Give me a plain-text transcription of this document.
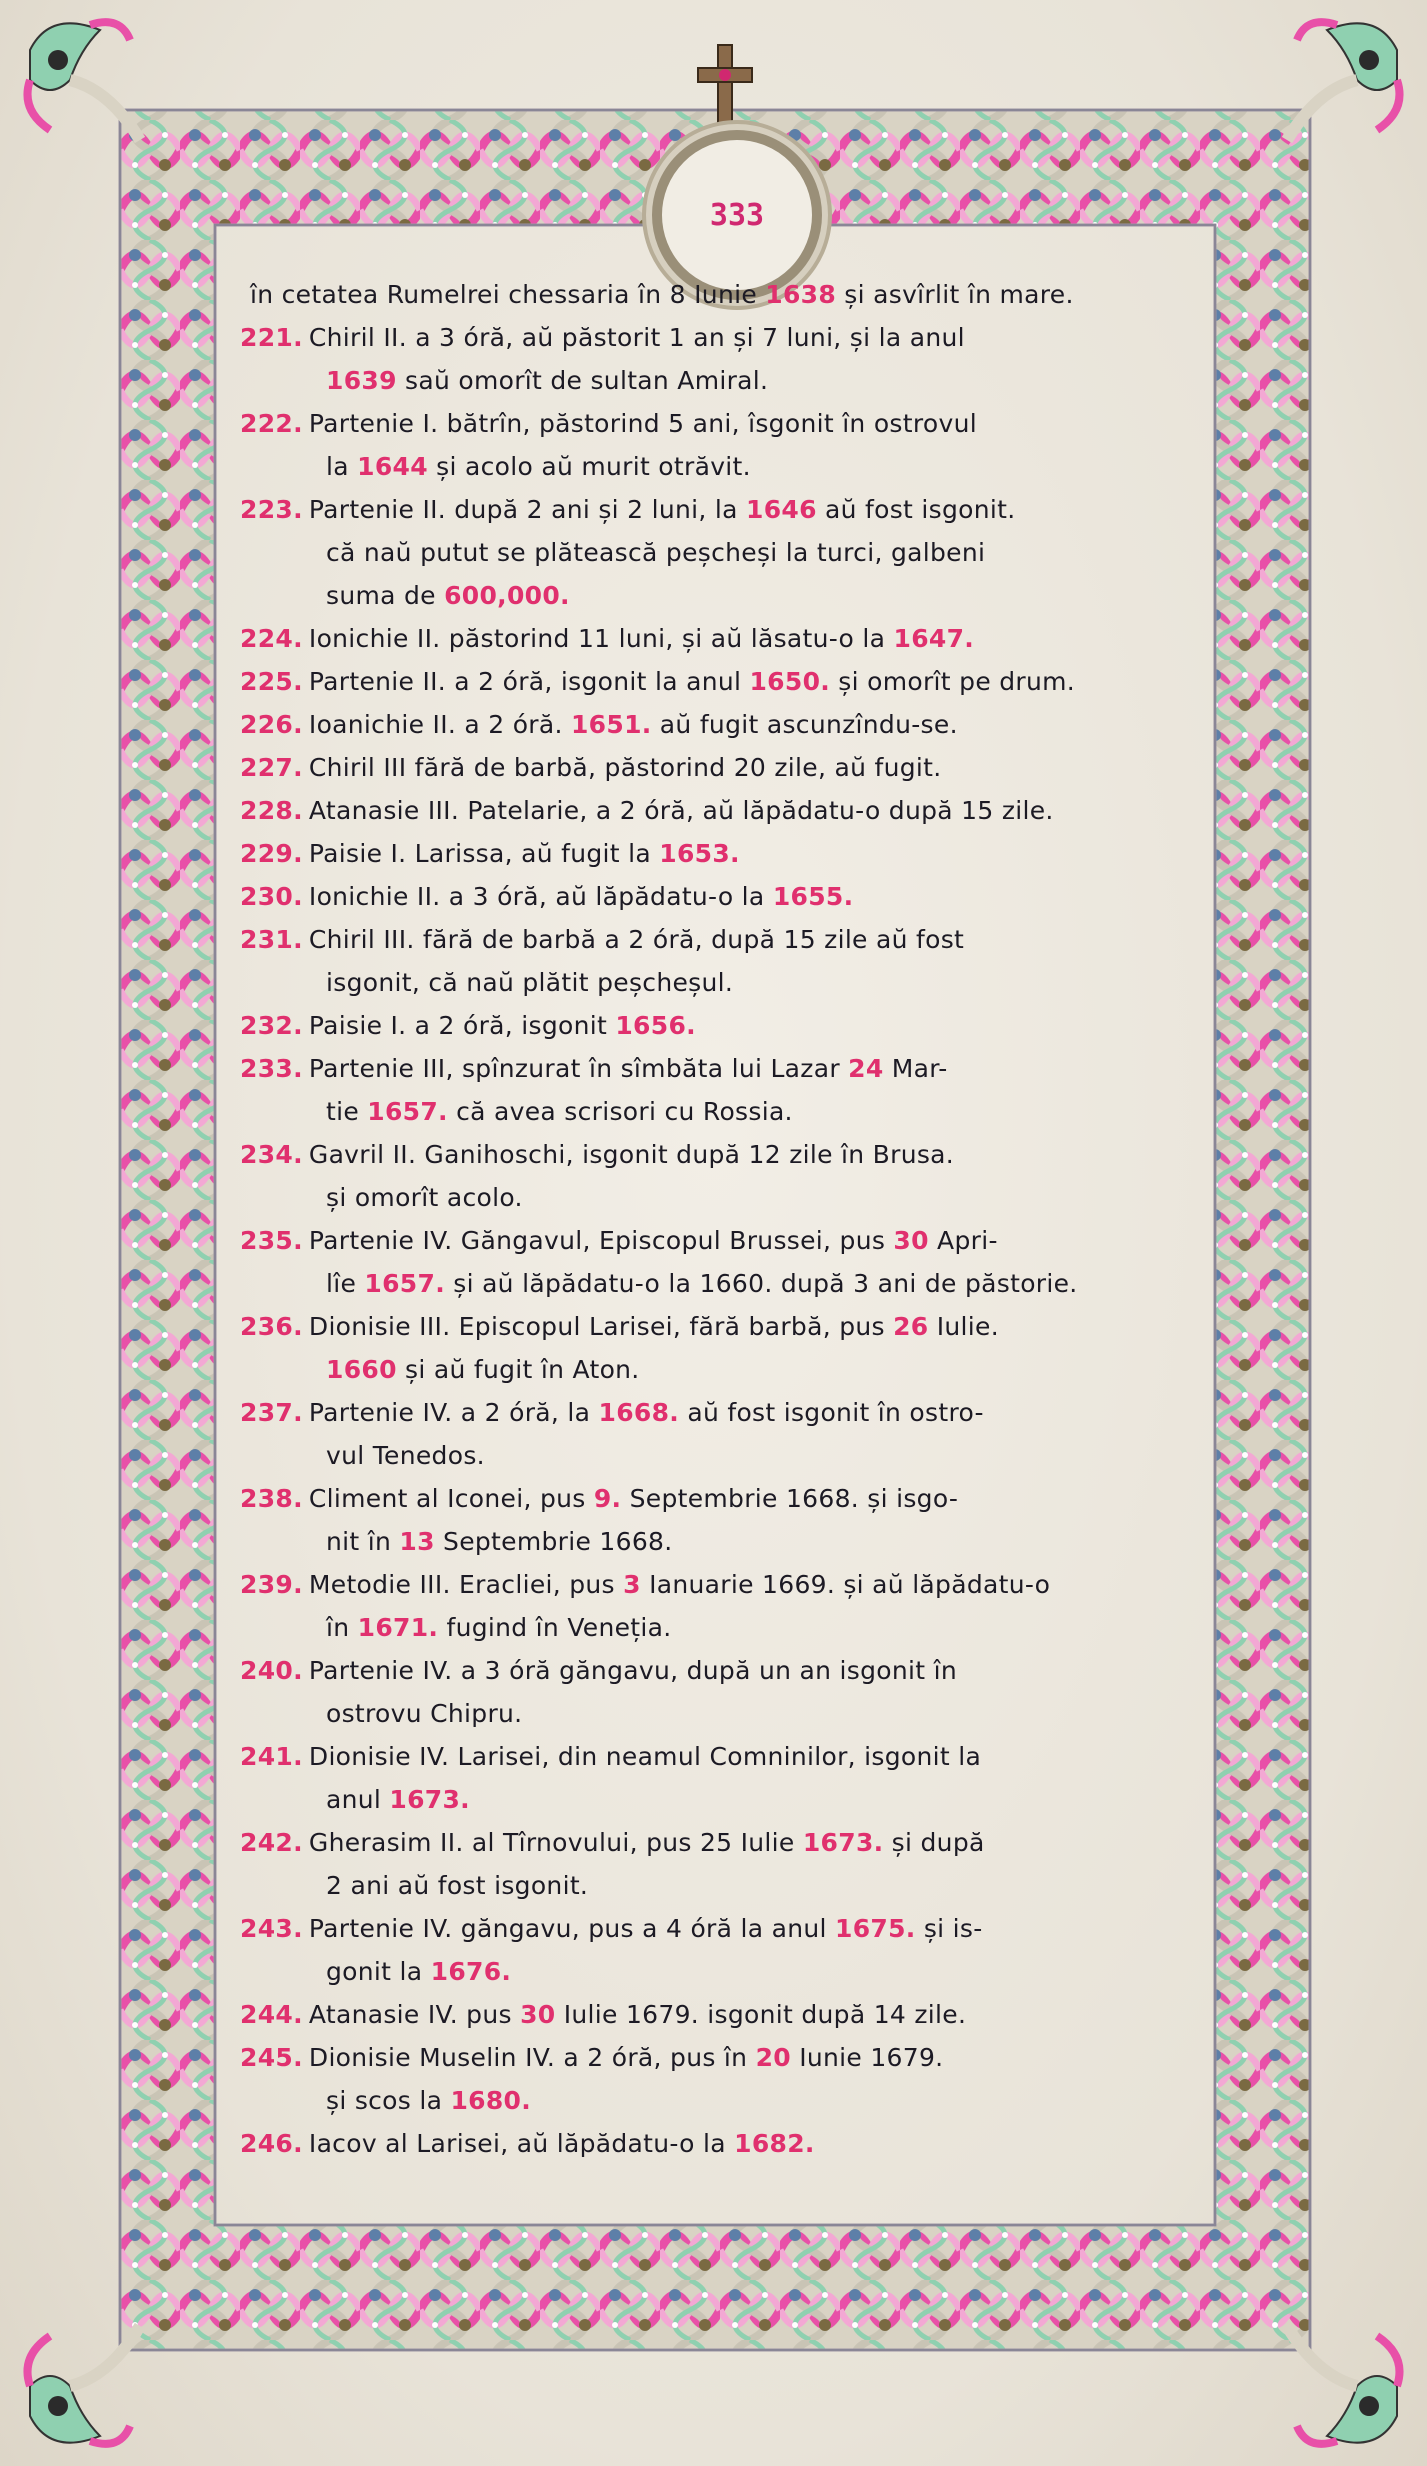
333
în cetatea Rumelrei chessaria în 8 Iunie 1638 și asvîrlit în mare.
221. Chiril II. a 3 óră, aŭ păstorit 1 an și 7 luni, și la anul
1639 saŭ omorît de sultan Amiral.
222. Partenie I. bătrîn, păstorind 5 ani, îsgonit în ostrovul
la 1644 și acolo aŭ murit otrăvit.
223. Partenie II. după 2 ani și 2 luni, la 1646 aŭ fost isgonit.
că naŭ putut se plătească peșcheși la turci, galbeni
suma de 600,000.
224. Ionichie II. păstorind 11 luni, și aŭ lăsatu-o la 1647.
225. Partenie II. a 2 óră, isgonit la anul 1650. și omorît pe drum.
226. Ioanichie II. a 2 óră. 1651. aŭ fugit ascunzîndu-se.
227. Chiril III fără de barbă, păstorind 20 zile, aŭ fugit.
228. Atanasie III. Patelarie, a 2 óră, aŭ lăpădatu-o după 15 zile.
229. Paisie I. Larissa, aŭ fugit la 1653.
230. Ionichie II. a 3 óră, aŭ lăpădatu-o la 1655.
231. Chiril III. fără de barbă a 2 óră, după 15 zile aŭ fost
isgonit, că naŭ plătit peșcheșul.
232. Paisie I. a 2 óră, isgonit 1656.
233. Partenie III, spînzurat în sîmbăta lui Lazar 24 Mar-
tie 1657. că avea scrisori cu Rossia.
234. Gavril II. Ganihoschi, isgonit după 12 zile în Brusa.
și omorît acolo.
235. Partenie IV. Găngavul, Episcopul Brussei, pus 30 Apri-
lîe 1657. și aŭ lăpădatu-o la 1660. după 3 ani de păstorie.
236. Dionisie III. Episcopul Larisei, fără barbă, pus 26 Iulie.
1660 și aŭ fugit în Aton.
237. Partenie IV. a 2 óră, la 1668. aŭ fost isgonit în ostro-
vul Tenedos.
238. Climent al Iconei, pus 9. Septembrie 1668. și isgo-
nit în 13 Septembrie 1668.
239. Metodie III. Eracliei, pus 3 Ianuarie 1669. și aŭ lăpădatu-o
în 1671. fugind în Veneția.
240. Partenie IV. a 3 óră găngavu, după un an isgonit în
ostrovu Chipru.
241. Dionisie IV. Larisei, din neamul Comninilor, isgonit la
anul 1673.
242. Gherasim II. al Tîrnovului, pus 25 Iulie 1673. și după
2 ani aŭ fost isgonit.
243. Partenie IV. găngavu, pus a 4 óră la anul 1675. și is-
gonit la 1676.
244. Atanasie IV. pus 30 Iulie 1679. isgonit după 14 zile.
245. Dionisie Muselin IV. a 2 óră, pus în 20 Iunie 1679.
și scos la 1680.
246. Iacov al Larisei, aŭ lăpădatu-o la 1682.
